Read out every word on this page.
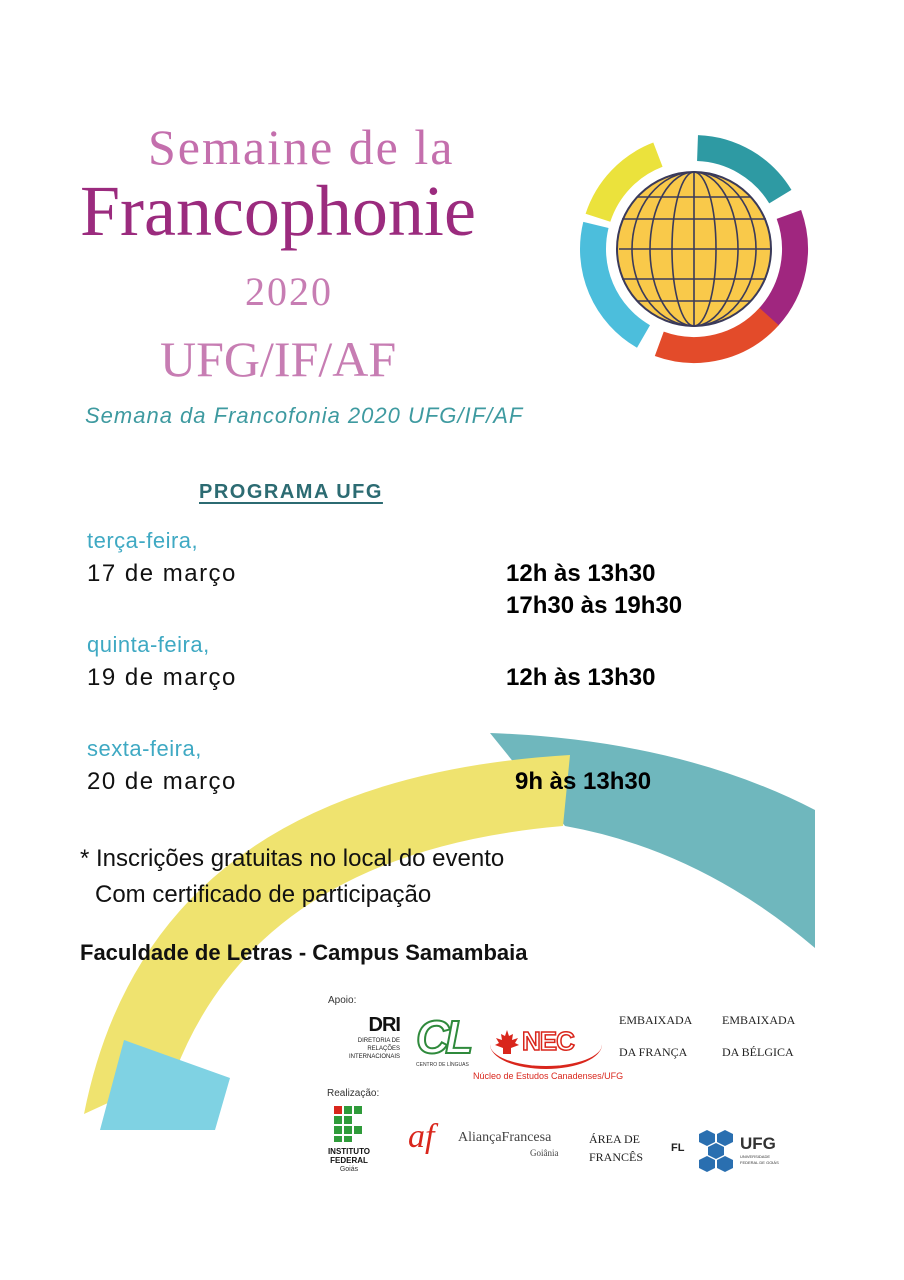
Semaine de la
Francophonie
2020
UFG/IF/AF
Semana da Francofonia 2020 UFG/IF/AF
PROGRAMA UFG
terça-feira,
17 de março	12h às 13h30
17h30 às 19h30
quinta-feira,
19 de março	12h às 13h30
sexta-feira,
20 de março	9h às 13h30
* Inscrições gratuitas no local do evento
Com certificado de participação
Faculdade de Letras - Campus Samambaia
Apoio:
DRI
DIRETORIA DE
RELAÇÕES
INTERNACIONAIS CL
CENTRO DE LÍNGUAS
NEC
Núcleo de Estudos Canadenses/UFG
EMBAIXADA
DA FRANÇA
EMBAIXADA
DA BÉLGICA
Realização:
INSTITUTO
FEDERAL
Goiás
af AliançaFrancesa
Goiânia
ÁREA DE
FRANCÊS
FL	UFG
UNIVERSIDADE
FEDERAL DE GOIÁS
